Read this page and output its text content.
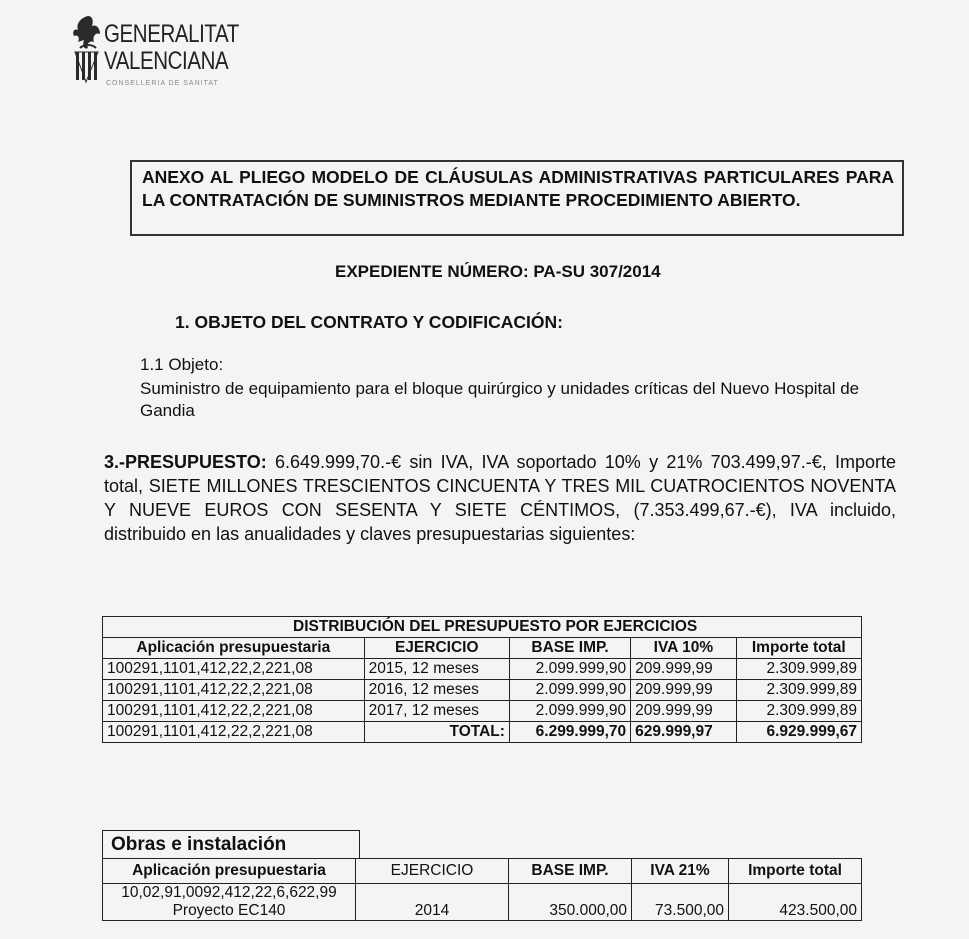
GENERALITAT
VALENCIANA
CONSELLERIA DE SANITAT
ANEXO AL PLIEGO MODELO DE CLÁUSULAS ADMINISTRATIVAS PARTICULARES PARA LA CONTRATACIÓN DE SUMINISTROS MEDIANTE PROCEDIMIENTO ABIERTO.
EXPEDIENTE NÚMERO: PA-SU 307/2014
1. OBJETO DEL CONTRATO Y CODIFICACIÓN:
1.1 Objeto:
Suministro de equipamiento para el bloque quirúrgico y unidades críticas del Nuevo Hospital de Gandia
3.-PRESUPUESTO: 6.649.999,70.-€ sin IVA, IVA soportado 10% y 21% 703.499,97.-€, Importe total, SIETE MILLONES TRESCIENTOS CINCUENTA Y TRES MIL CUATROCIENTOS NOVENTA Y NUEVE EUROS CON SESENTA Y SIETE CÉNTIMOS, (7.353.499,67.-€), IVA incluido, distribuido en las anualidades y claves presupuestarias siguientes:
DISTRIBUCIÓN DEL PRESUPUESTO POR EJERCICIOS				
Aplicación presupuestaria	EJERCICIO	BASE IMP.	IVA 10%	Importe total
100291,1101,412,22,2,221,08	2015, 12 meses	2.099.999,90	209.999,99	2.309.999,89
100291,1101,412,22,2,221,08	2016, 12 meses	2.099.999,90	209.999,99	2.309.999,89
100291,1101,412,22,2,221,08	2017, 12 meses	2.099.999,90	209.999,99	2.309.999,89
100291,1101,412,22,2,221,08	TOTAL:	6.299.999,70	629.999,97	6.929.999,67
Obras e instalación
Aplicación presupuestaria	EJERCICIO	BASE IMP.	IVA 21%	Importe total

10,02,91,0092,412,22,6,622,99
Proyecto EC140	2014	350.000,00	73.500,00	423.500,00
